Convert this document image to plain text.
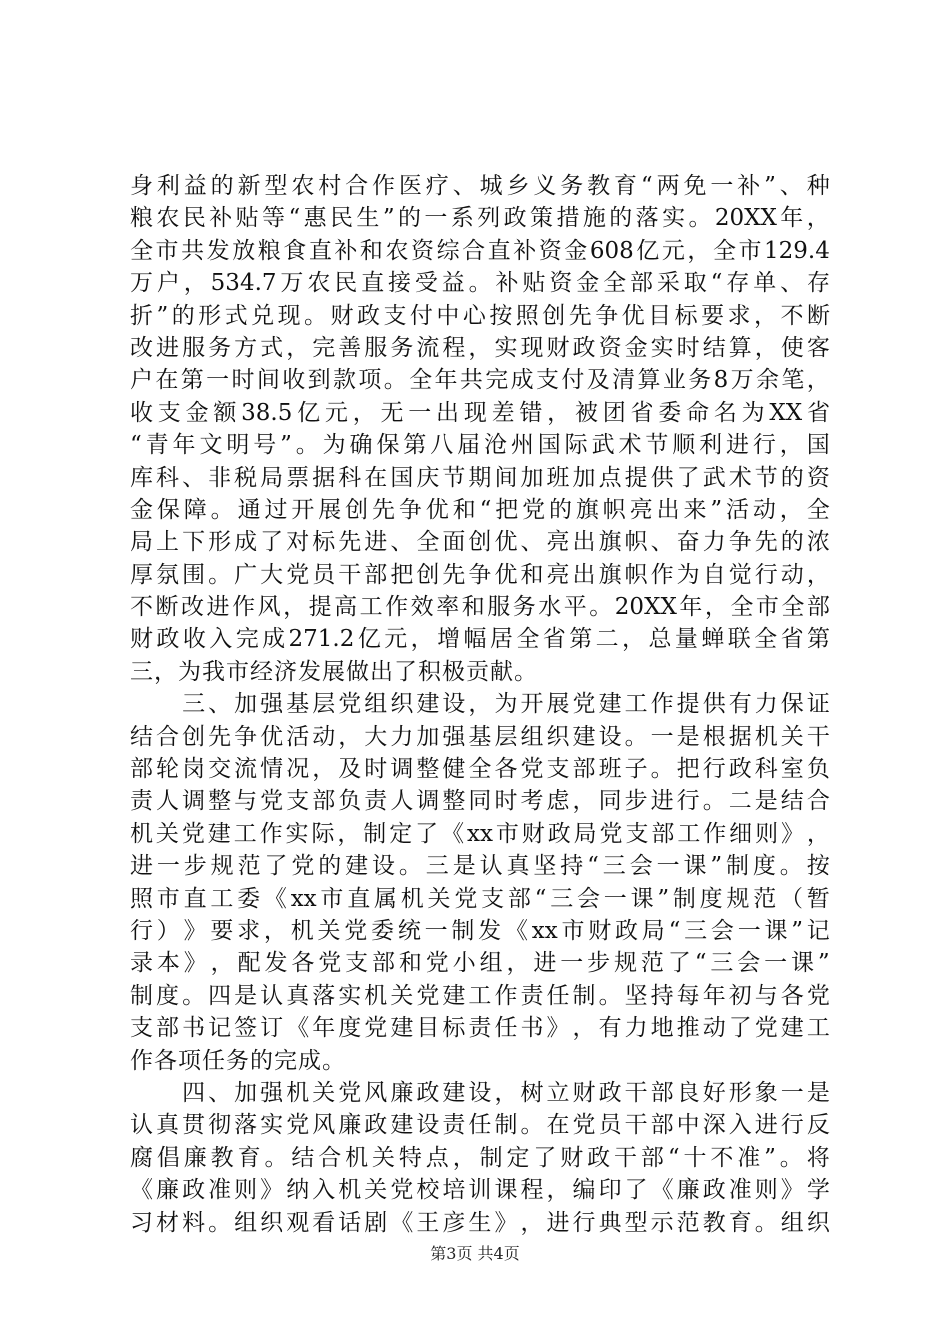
身 利 益 的 新 型 农 村 合 作 医 疗 、 城 乡 义 务 教 育 “ 两 免 一 补 ” 、 种
粮 农 民 补 贴 等 “ 惠 民 生 ” 的 一 系 列 政 策 措 施 的 落 实 。 20XX 年 ，
全 市 共 发 放 粮 食 直 补 和 农 资 综 合 直 补 资 金 608 亿 元 ， 全 市 129.4
万 户 ， 534.7 万 农 民 直 接 受 益 。 补 贴 资 金 全 部 采 取 “ 存 单 、 存
折 ” 的 形 式 兑 现 。 财 政 支 付 中 心 按 照 创 先 争 优 目 标 要 求 ， 不 断
改 进 服 务 方 式 ， 完 善 服 务 流 程 ， 实 现 财 政 资 金 实 时 结 算 ， 使 客
户 在 第 一 时 间 收 到 款 项 。 全 年 共 完 成 支 付 及 清 算 业 务 8 万 余 笔 ，
收 支 金 额 38.5 亿 元 ， 无 一 出 现 差 错 ， 被 团 省 委 命 名 为 XX 省
“ 青 年 文 明 号 ” 。 为 确 保 第 八 届 沧 州 国 际 武 术 节 顺 利 进 行 ， 国
库 科 、 非 税 局 票 据 科 在 国 庆 节 期 间 加 班 加 点 提 供 了 武 术 节 的 资
金 保 障 。 通 过 开 展 创 先 争 优 和 “ 把 党 的 旗 帜 亮 出 来 ” 活 动 ， 全
局 上 下 形 成 了 对 标 先 进 、 全 面 创 优 、 亮 出 旗 帜 、 奋 力 争 先 的 浓
厚 氛 围 。 广 大 党 员 干 部 把 创 先 争 优 和 亮 出 旗 帜 作 为 自 觉 行 动 ，
不 断 改 进 作 风 ， 提 高 工 作 效 率 和 服 务 水 平 。 20XX 年 ， 全 市 全 部
财 政 收 入 完 成 271.2 亿 元 ， 增 幅 居 全 省 第 二 ， 总 量 蝉 联 全 省 第
三 ， 为 我 市 经 济 发 展 做 出 了 积 极 贡 献 。

三 、 加 强 基 层 党 组 织 建 设 ， 为 开 展 党 建 工 作 提 供 有 力 保 证
结 合 创 先 争 优 活 动 ， 大 力 加 强 基 层 组 织 建 设 。 一 是 根 据 机 关 干
部 轮 岗 交 流 情 况 ， 及 时 调 整 健 全 各 党 支 部 班 子 。 把 行 政 科 室 负
责 人 调 整 与 党 支 部 负 责 人 调 整 同 时 考 虑 ， 同 步 进 行 。 二 是 结 合
机 关 党 建 工 作 实 际 ， 制 定 了 《 xx 市 财 政 局 党 支 部 工 作 细 则 》 ，
进 一 步 规 范 了 党 的 建 设 。 三 是 认 真 坚 持 “ 三 会 一 课 ” 制 度 。 按
照 市 直 工 委 《 xx 市 直 属 机 关 党 支 部 “ 三 会 一 课 ” 制 度 规 范 （ 暂
行 ） 》 要 求 ， 机 关 党 委 统 一 制 发 《 xx 市 财 政 局 “ 三 会 一 课 ” 记
录 本 》 ， 配 发 各 党 支 部 和 党 小 组 ， 进 一 步 规 范 了 “ 三 会 一 课 ”
制 度 。 四 是 认 真 落 实 机 关 党 建 工 作 责 任 制 。 坚 持 每 年 初 与 各 党
支 部 书 记 签 订 《 年 度 党 建 目 标 责 任 书 》 ， 有 力 地 推 动 了 党 建 工
作 各 项 任 务 的 完 成 。

四 、 加 强 机 关 党 风 廉 政 建 设 ， 树 立 财 政 干 部 良 好 形 象 一 是
认 真 贯 彻 落 实 党 风 廉 政 建 设 责 任 制 。 在 党 员 干 部 中 深 入 进 行 反
腐 倡 廉 教 育 。 结 合 机 关 特 点 ， 制 定 了 财 政 干 部 “ 十 不 准 ” 。 将
《 廉 政 准 则 》 纳 入 机 关 党 校 培 训 课 程 ， 编 印 了 《 廉 政 准 则 》 学
习 材 料 。 组 织 观 看 话 剧 《 王 彦 生 》 ， 进 行 典 型 示 范 教 育 。 组 织
第3页 共4页
